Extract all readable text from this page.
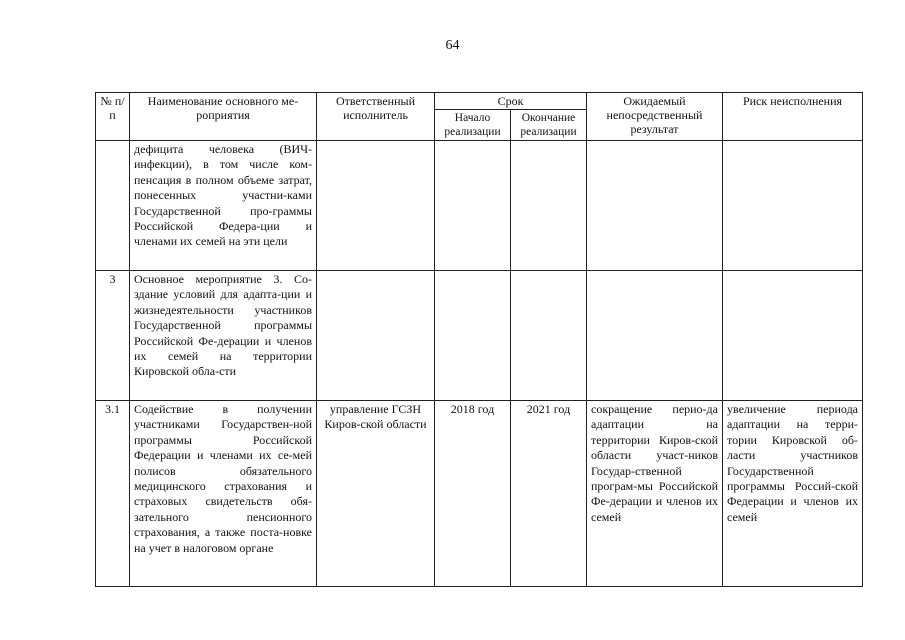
64
№ п/п	Наименование основного ме-роприятия	Ответственный исполнитель	Срок		Ожидаемый непосредственный результат	Риск неисполнения
			Начало реализации	Окончание реализации		
	дефицита человека (ВИЧ-инфекции), в том числе ком-пенсация в полном объеме затрат, понесенных участни-ками Государственной про-граммы Российской Федера-ции и членами их семей на эти цели					
3	Основное мероприятие 3. Со-здание условий для адапта-ции и жизнедеятельности участников Государственной программы Российской Фе-дерации и членов их семей на территории Кировской обла-сти					
3.1	Содействие в получении участниками Государствен-ной программы Российской Федерации и членами их се-мей полисов обязательного медицинского страхования и страховых свидетельств обя-зательного пенсионного страхования, а также поста-новке на учет в налоговом органе	управление ГСЗН Киров-ской области	2018 год	2021 год	сокращение перио-да адаптации на территории Киров-ской области участ-ников Государ-ственной програм-мы Российской Фе-дерации и членов их семей	увеличение периода адаптации на терри-тории Кировской об-ласти участников Государственной программы Россий-ской Федерации и членов их семей
